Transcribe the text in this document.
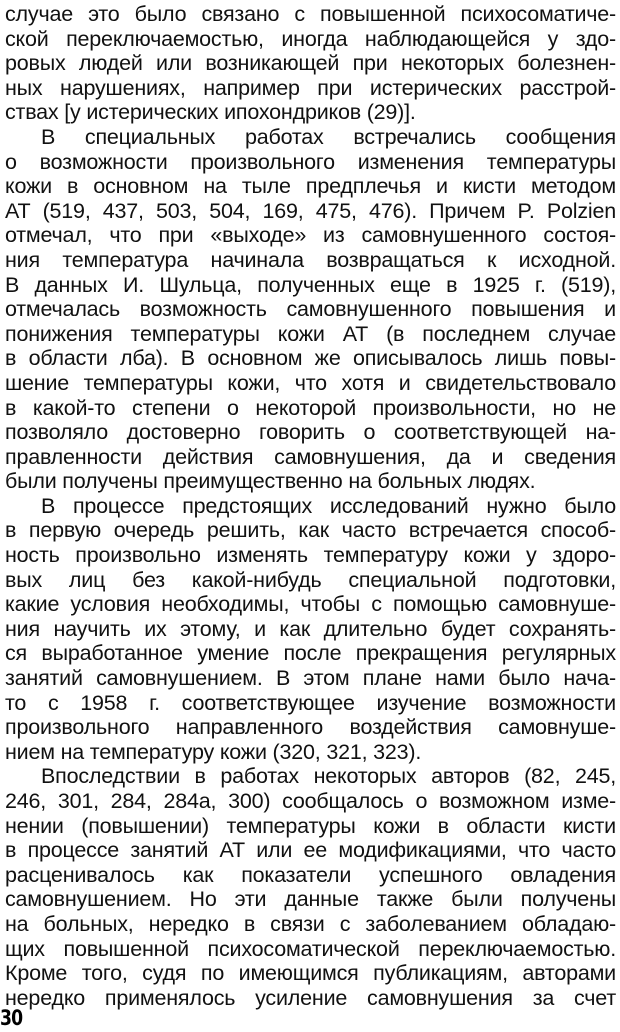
случае это было связано с повышенной психосоматиче-
ской переключаемостью, иногда наблюдающейся у здо-
ровых людей или возникающей при некоторых болезнен-
ных нарушениях, например при истерических расстрой-
ствах [у истерических ипохондриков (29)].
В специальных работах встречались сообщения
о возможности произвольного изменения температуры
кожи в основном на тыле предплечья и кисти методом
АТ (519, 437, 503, 504, 169, 475, 476). Причем P. Polzien
отмечал, что при «выходе» из самовнушенного состоя-
ния температура начинала возвращаться к исходной.
В данных И. Шульца, полученных еще в 1925 г. (519),
отмечалась возможность самовнушенного повышения и
понижения температуры кожи АТ (в последнем случае
в области лба). В основном же описывалось лишь повы-
шение температуры кожи, что хотя и свидетельствовало
в какой-то степени о некоторой произвольности, но не
позволяло достоверно говорить о соответствующей на-
правленности действия самовнушения, да и сведения
были получены преимущественно на больных людях.
В процессе предстоящих исследований нужно было
в первую очередь решить, как часто встречается способ-
ность произвольно изменять температуру кожи у здоро-
вых лиц без какой-нибудь специальной подготовки,
какие условия необходимы, чтобы с помощью самовнуше-
ния научить их этому, и как длительно будет сохранять-
ся выработанное умение после прекращения регулярных
занятий самовнушением. В этом плане нами было нача-
то с 1958 г. соответствующее изучение возможности
произвольного направленного воздействия самовнуше-
нием на температуру кожи (320, 321, 323).
Впоследствии в работах некоторых авторов (82, 245,
246, 301, 284, 284а, 300) сообщалось о возможном изме-
нении (повышении) температуры кожи в области кисти
в процессе занятий АТ или ее модификациями, что часто
расценивалось как показатели успешного овладения
самовнушением. Но эти данные также были получены
на больных, нередко в связи с заболеванием обладаю-
щих повышенной психосоматической переключаемостью.
Кроме того, судя по имеющимся публикациям, авторами
нередко применялось усиление самовнушения за счет
30
